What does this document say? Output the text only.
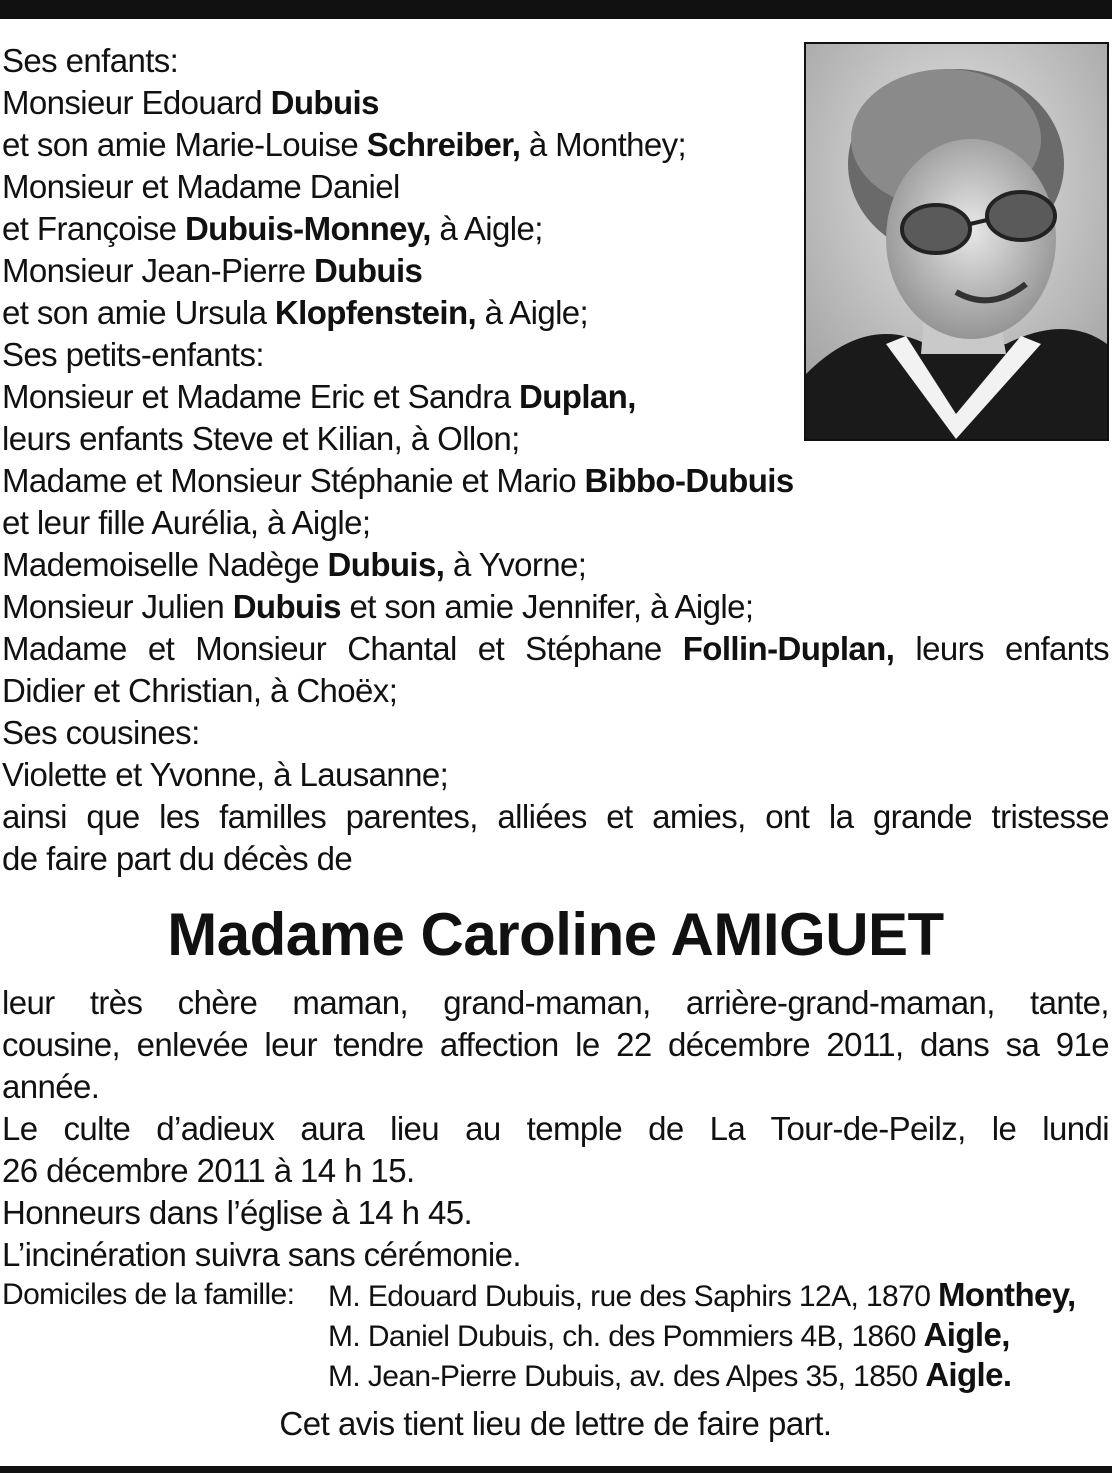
Ses enfants:
Monsieur Edouard Dubuis
et son amie Marie-Louise Schreiber, à Monthey;
Monsieur et Madame Daniel
et Françoise Dubuis-Monney, à Aigle;
Monsieur Jean-Pierre Dubuis
et son amie Ursula Klopfenstein, à Aigle;
Ses petits-enfants:
Monsieur et Madame Eric et Sandra Duplan,
leurs enfants Steve et Kilian, à Ollon;
Madame et Monsieur Stéphanie et Mario Bibbo-Dubuis
et leur fille Aurélia, à Aigle;
Mademoiselle Nadège Dubuis, à Yvorne;
Monsieur Julien Dubuis et son amie Jennifer, à Aigle;
Madame et Monsieur Chantal et Stéphane Follin-Duplan, leurs enfants
Didier et Christian, à Choëx;
Ses cousines:
Violette et Yvonne, à Lausanne;
ainsi que les familles parentes, alliées et amies, ont la grande tristesse
de faire part du décès de
Madame Caroline AMIGUET
leur très chère maman, grand-maman, arrière-grand-maman, tante,
cousine, enlevée leur tendre affection le 22 décembre 2011, dans sa 91e
année.
Le culte d’adieux aura lieu au temple de La Tour-de-Peilz, le lundi
26 décembre 2011 à 14 h 15.
Honneurs dans l’église à 14 h 45.
L’incinération suivra sans cérémonie.
Domiciles de la famille:	M. Edouard Dubuis, rue des Saphirs 12A, 1870 Monthey,
M. Daniel Dubuis, ch. des Pommiers 4B, 1860 Aigle,
M. Jean-Pierre Dubuis, av. des Alpes 35, 1850 Aigle.
Cet avis tient lieu de lettre de faire part.
